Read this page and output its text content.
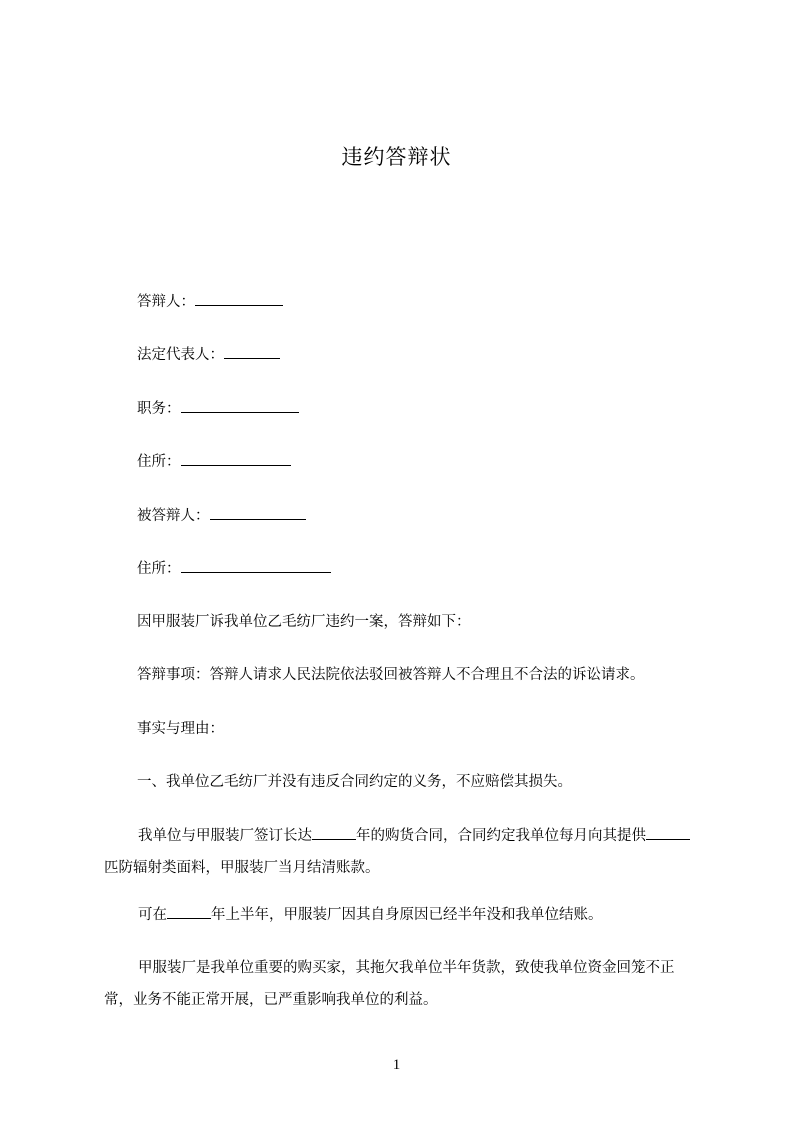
违约答辩状
答辩人：
法定代表人：
职务：
住所：
被答辩人：
住所：
因甲服装厂诉我单位乙毛纺厂违约一案，答辩如下：
答辩事项：答辩人请求人民法院依法驳回被答辩人不合理且不合法的诉讼请求。
事实与理由：
一、我单位乙毛纺厂并没有违反合同约定的义务，不应赔偿其损失。
我单位与甲服装厂签订长达	年的购货合同，合同约定我单位每月向其提供匹防辐射类面料，甲服装厂当月结清账款。
可在	年上半年，甲服装厂因其自身原因已经半年没和我单位结账。
甲服装厂是我单位重要的购买家，其拖欠我单位半年货款，致使我单位资金回笼不正常，业务不能正常开展，已严重影响我单位的利益。
1
